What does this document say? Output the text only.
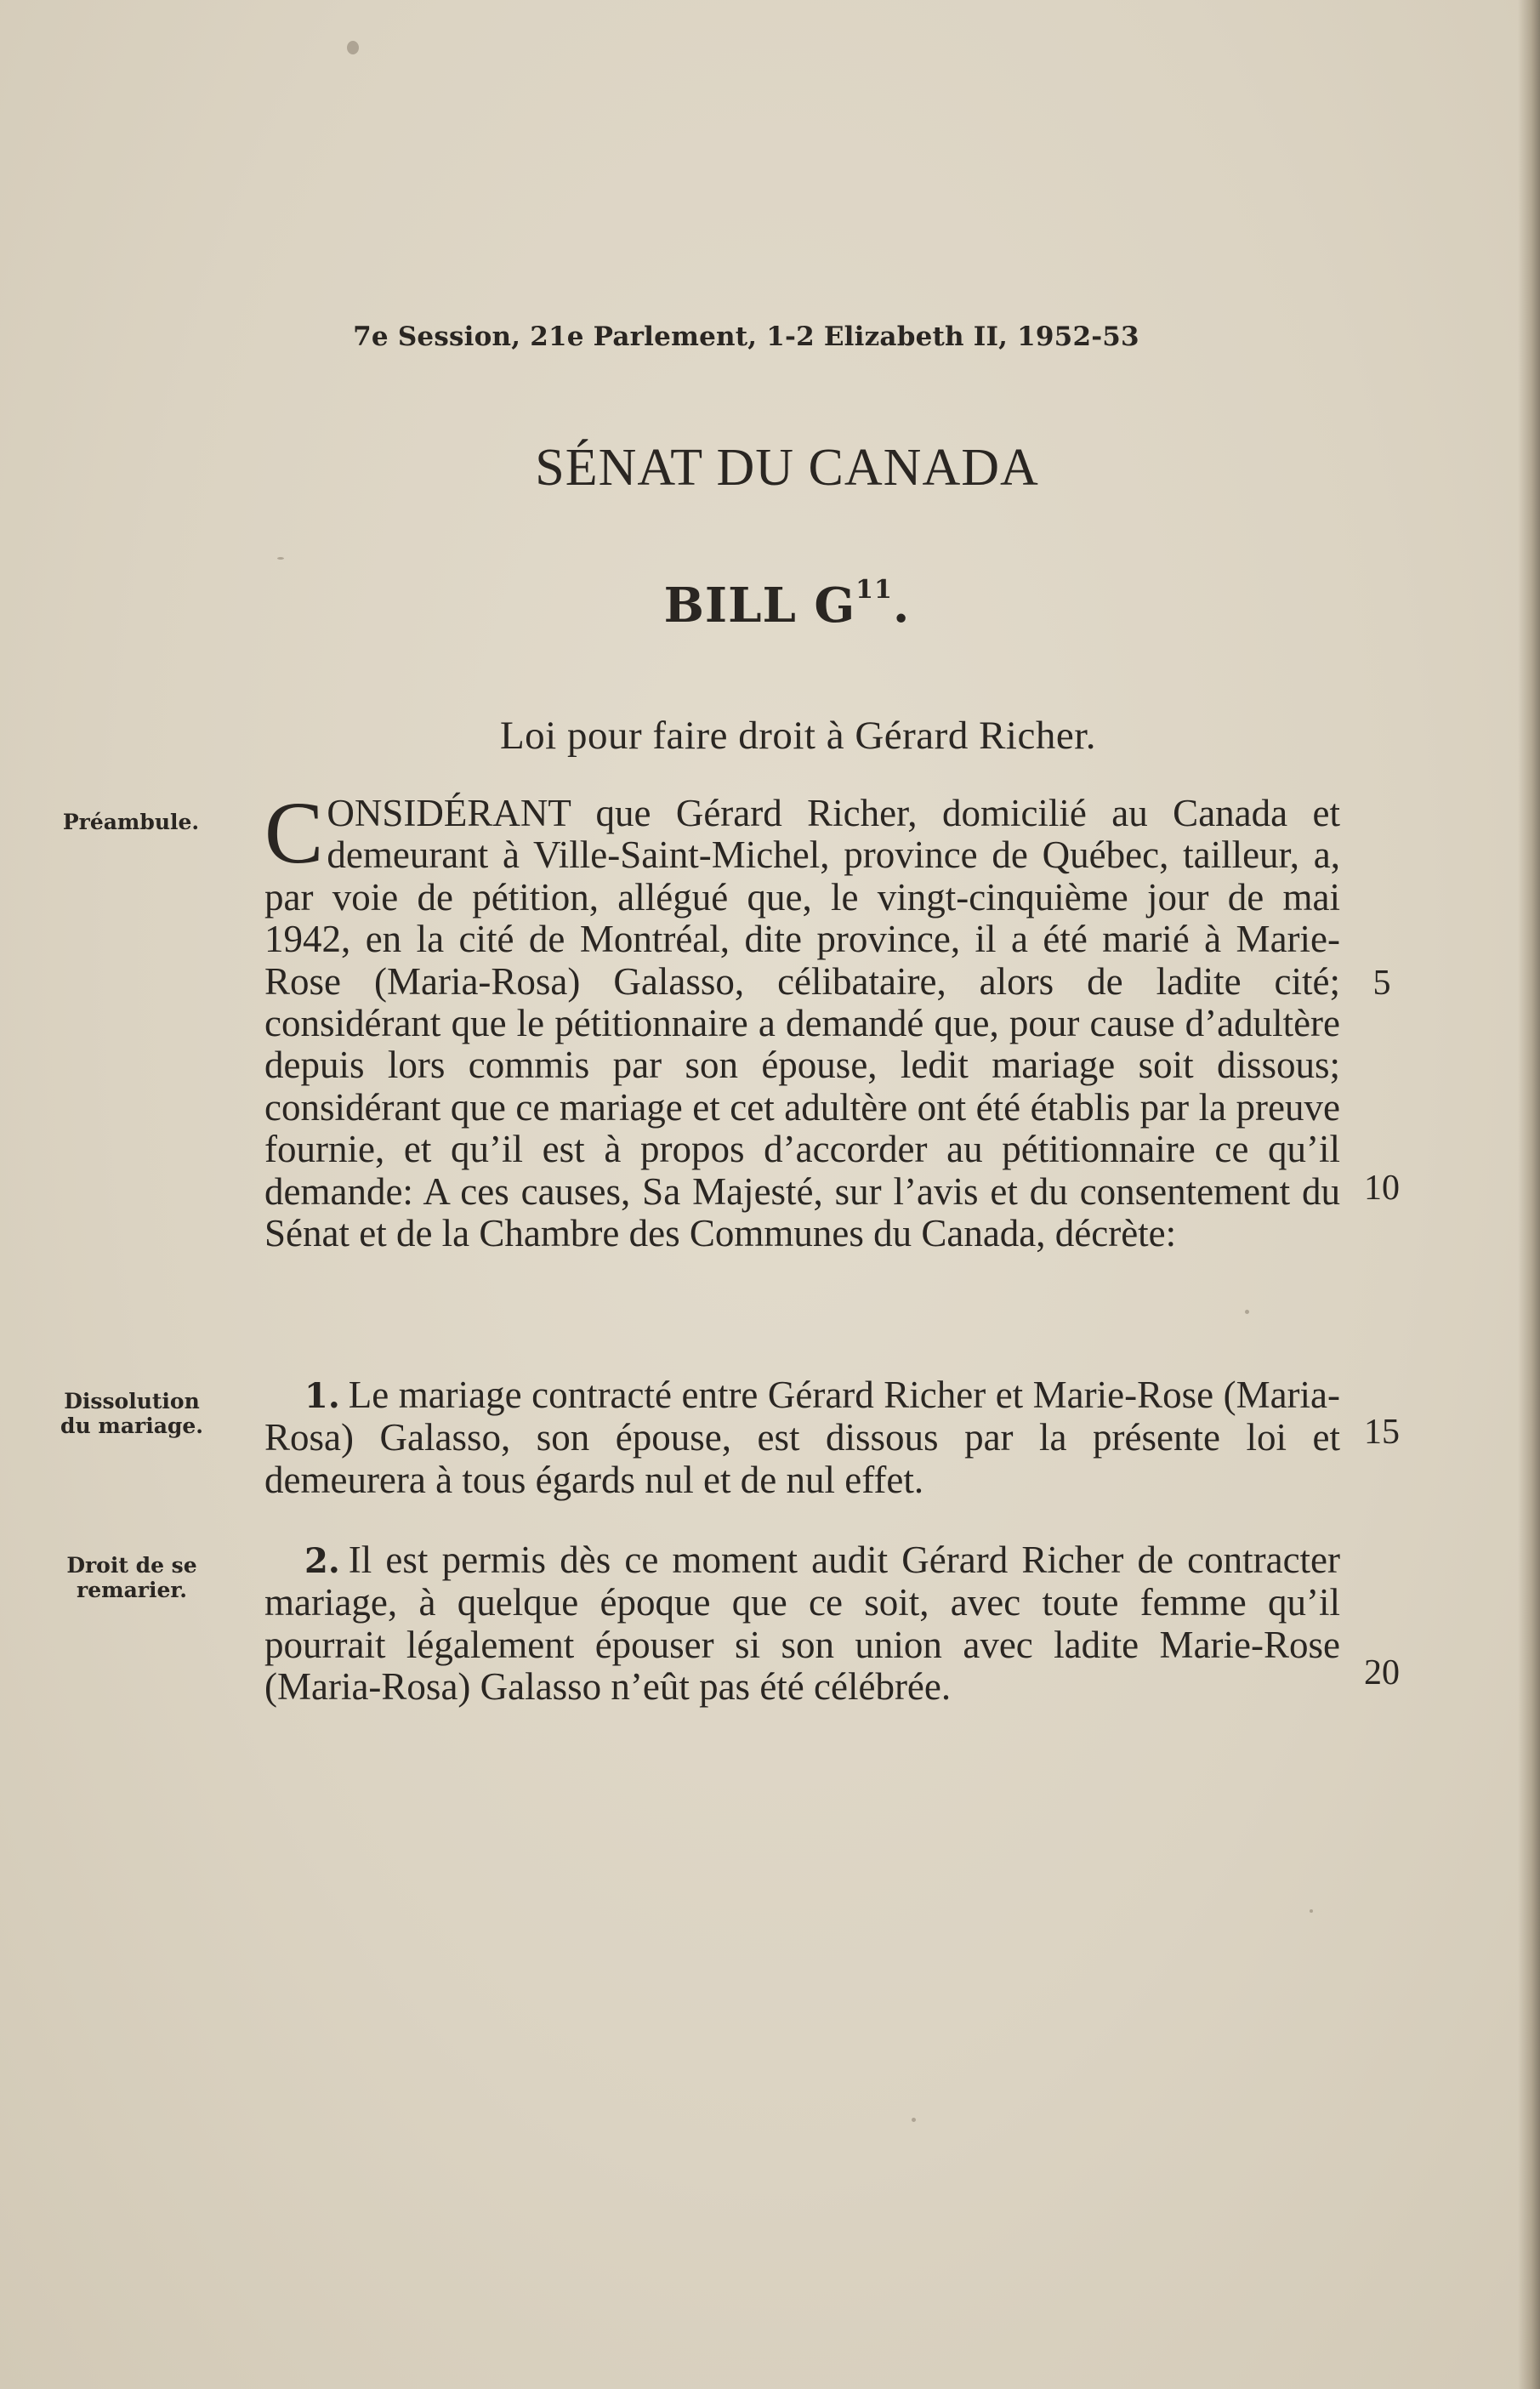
7e Session, 21e Parlement, 1-2 Elizabeth II, 1952-53
SÉNAT DU CANADA
BILL $G^{11}$.
Loi pour faire droit à Gérard Richer.
Préambule. CONSIDÉRANT que Gérard Richer, domicilié au Canada et demeurant à Ville-Saint-Michel, province de Québec, tailleur, a, par voie de pétition, allégué que, le vingt-cinquième jour de mai 1942, en la cité de Montréal, dite province, il a été marié à Marie-Rose (Maria-Rosa) Galasso, célibataire, alors de ladite cité; considérant que le pétitionnaire a demandé que, pour cause d’adultère depuis lors commis par son épouse, ledit mariage soit dissous; considérant que ce mariage et cet adultère ont été établis par la preuve fournie, et qu’il est à propos d’accorder au pétitionnaire ce qu’il demande: A ces causes, Sa Majesté, sur l’avis et du consentement du Sénat et de la Chambre des Communes du Canada, décrète:
Dissolution du mariage.
1. Le mariage contracté entre Gérard Richer et Marie-Rose (Maria-Rosa) Galasso, son épouse, est dissous par la présente loi et demeurera à tous égards nul et de nul effet.
Droit de se remarier.
2. Il est permis dès ce moment audit Gérard Richer de contracter mariage, à quelque époque que ce soit, avec toute femme qu’il pourrait légalement épouser si son union avec ladite Marie-Rose (Maria-Rosa) Galasso n’eût pas été célébrée.
5
10
15
20
